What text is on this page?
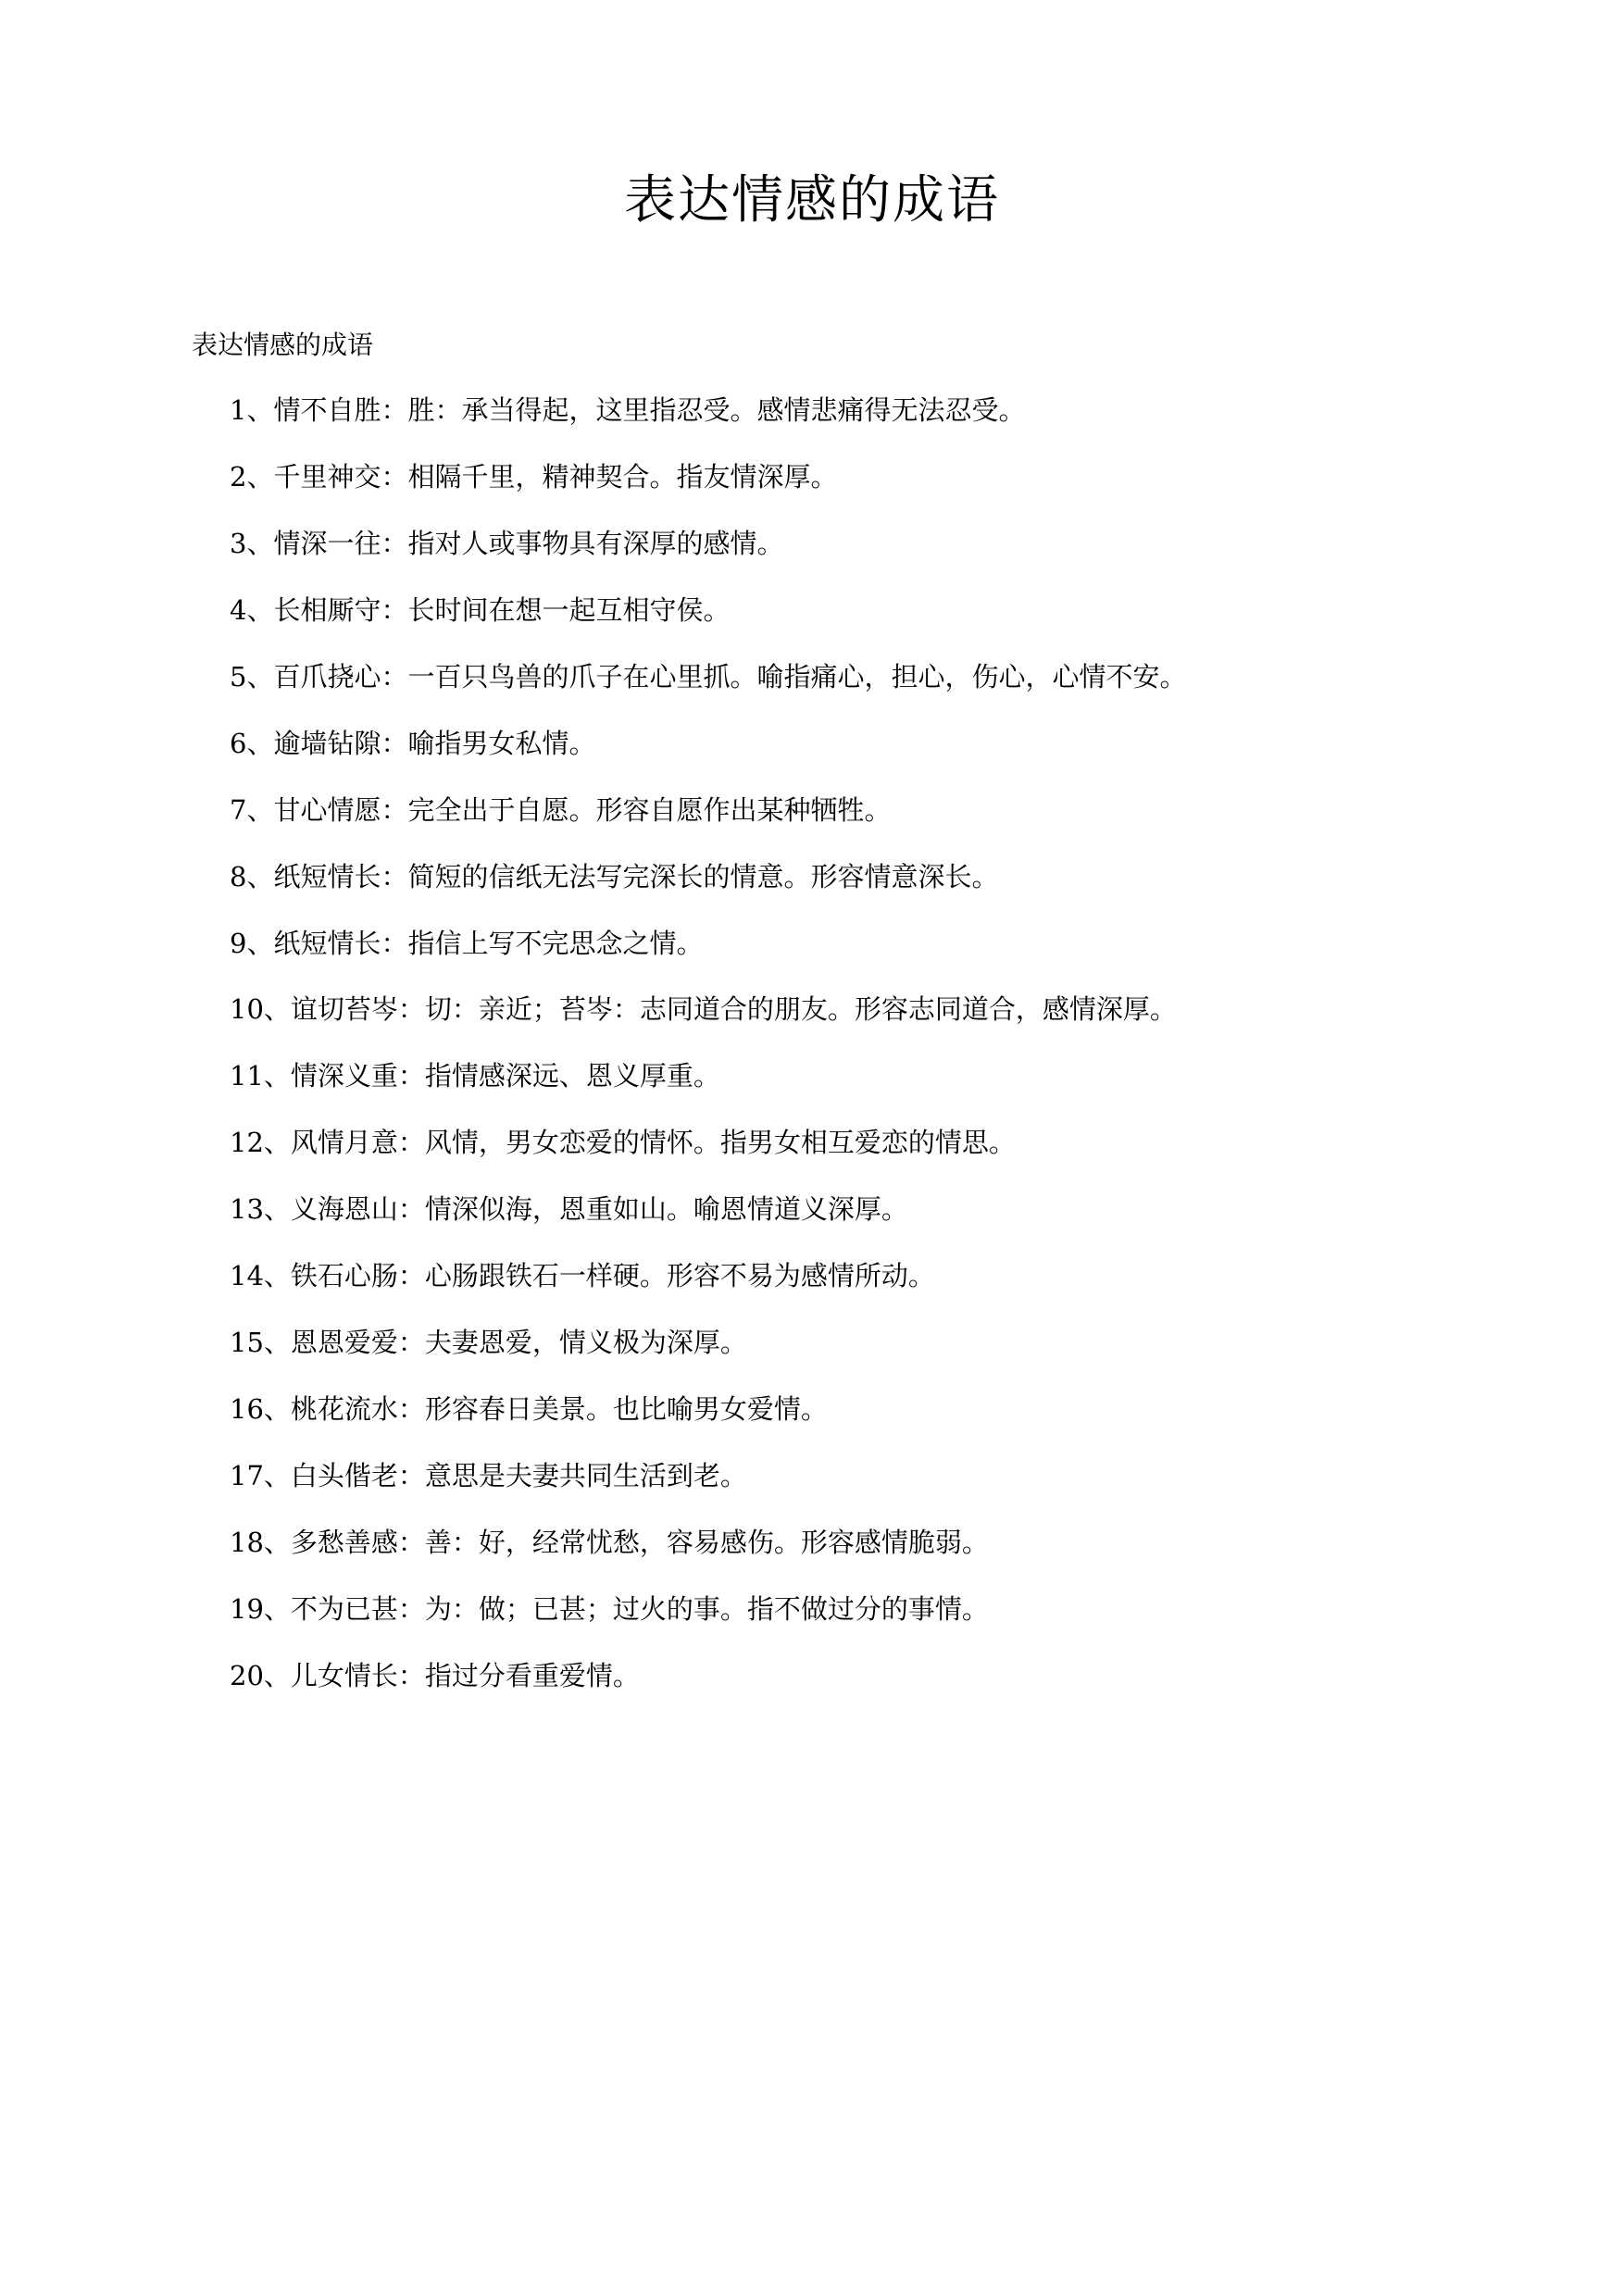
表达情感的成语

表达情感的成语

1、情不自胜：胜：承当得起，这里指忍受。感情悲痛得无法忍受。

2、千里神交：相隔千里，精神契合。指友情深厚。

3、情深一往：指对人或事物具有深厚的感情。

4、长相厮守：长时间在想一起互相守侯。

5、百爪挠心：一百只鸟兽的爪子在心里抓。喻指痛心，担心，伤心，心情不安。

6、逾墙钻隙：喻指男女私情。

7、甘心情愿：完全出于自愿。形容自愿作出某种牺牲。

8、纸短情长：简短的信纸无法写完深长的情意。形容情意深长。

9、纸短情长：指信上写不完思念之情。

10、谊切苔岑：切：亲近；苔岑：志同道合的朋友。形容志同道合，感情深厚。

11、情深义重：指情感深远、恩义厚重。

12、风情月意：风情，男女恋爱的情怀。指男女相互爱恋的情思。

13、义海恩山：情深似海，恩重如山。喻恩情道义深厚。

14、铁石心肠：心肠跟铁石一样硬。形容不易为感情所动。

15、恩恩爱爱：夫妻恩爱，情义极为深厚。

16、桃花流水：形容春日美景。也比喻男女爱情。

17、白头偕老：意思是夫妻共同生活到老。

18、多愁善感：善：好，经常忧愁，容易感伤。形容感情脆弱。

19、不为已甚：为：做；已甚；过火的事。指不做过分的事情。

20、儿女情长：指过分看重爱情。
